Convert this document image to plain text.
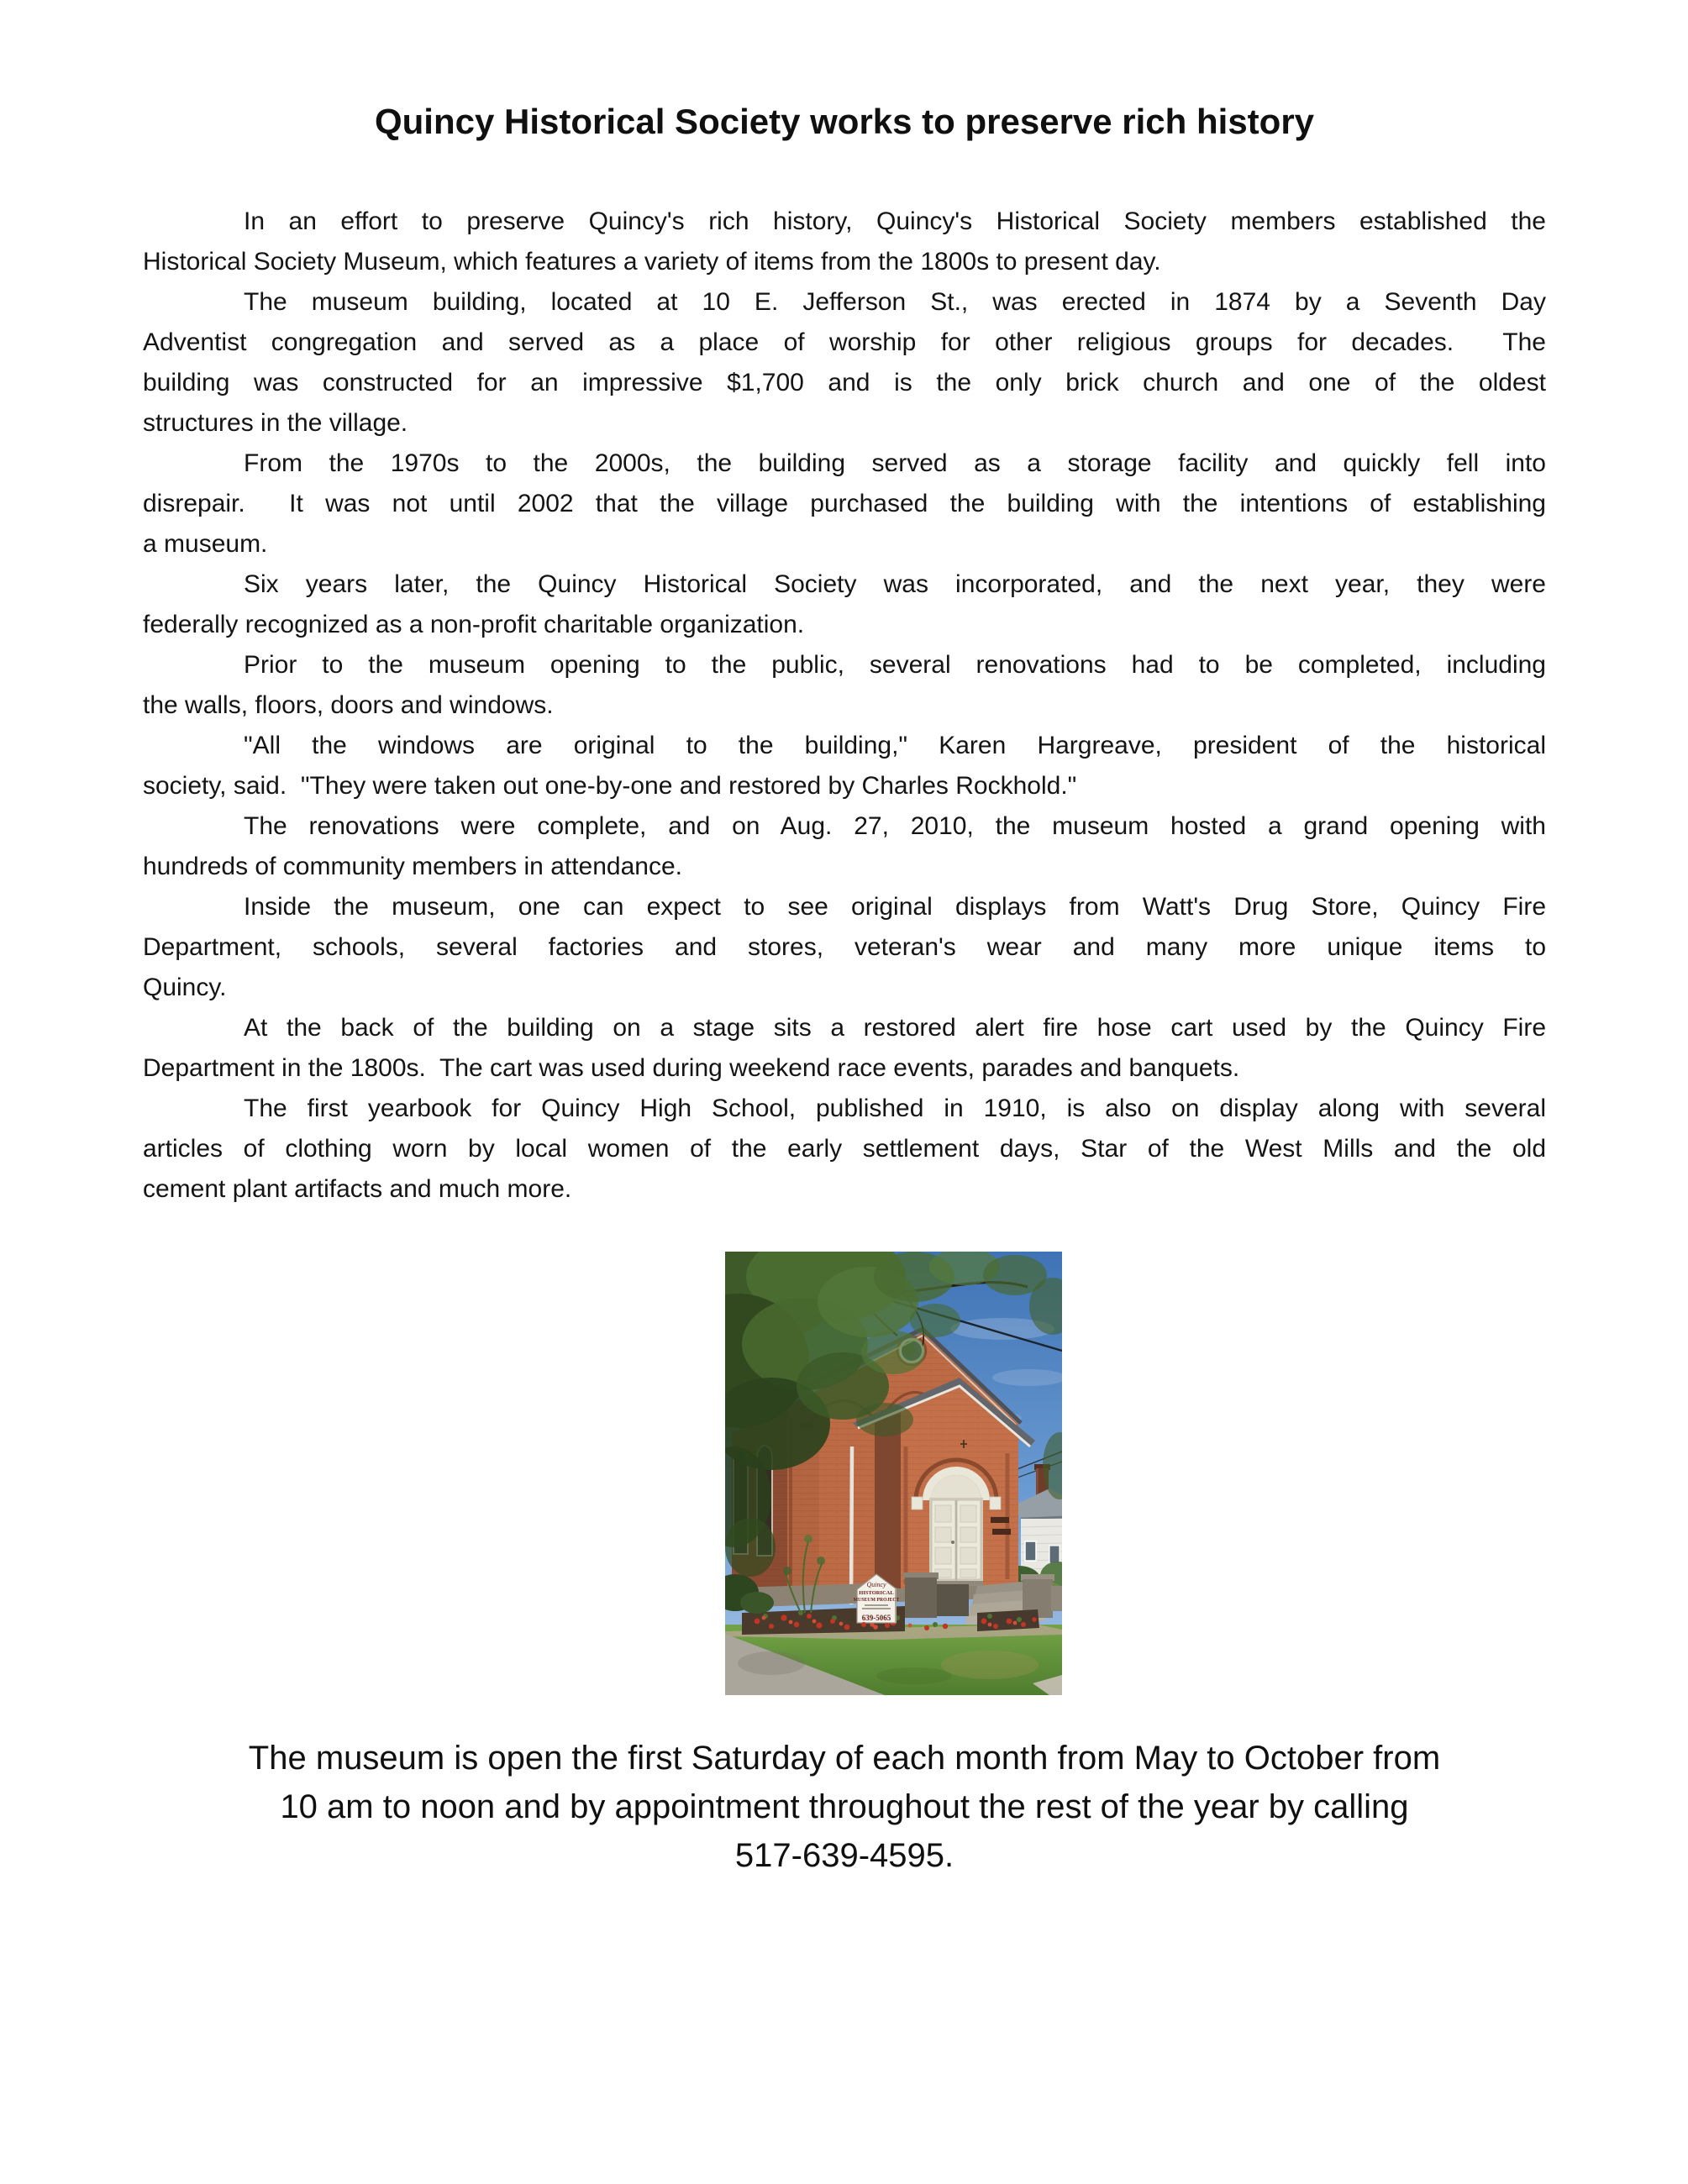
Quincy Historical Society works to preserve rich history
In an effort to preserve Quincy's rich history, Quincy's Historical Society members established the
Historical Society Museum, which features a variety of items from the 1800s to present day.
The museum building, located at 10 E. Jefferson St., was erected in 1874 by a Seventh Day
Adventist congregation and served as a place of worship for other religious groups for decades.  The
building was constructed for an impressive $1,700 and is the only brick church and one of the oldest
structures in the village.
From the 1970s to the 2000s, the building served as a storage facility and quickly fell into
disrepair.  It was not until 2002 that the village purchased the building with the intentions of establishing
a museum.
Six years later, the Quincy Historical Society was incorporated, and the next year, they were
federally recognized as a non-profit charitable organization.
Prior to the museum opening to the public, several renovations had to be completed, including
the walls, floors, doors and windows.
"All the windows are original to the building," Karen Hargreave, president of the historical
society, said.  "They were taken out one-by-one and restored by Charles Rockhold."
The renovations were complete, and on Aug. 27, 2010, the museum hosted a grand opening with
hundreds of community members in attendance.
Inside the museum, one can expect to see original displays from Watt's Drug Store, Quincy Fire
Department, schools, several factories and stores, veteran's wear and many more unique items to
Quincy.
At the back of the building on a stage sits a restored alert fire hose cart used by the Quincy Fire
Department in the 1800s.  The cart was used during weekend race events, parades and banquets.
The first yearbook for Quincy High School, published in 1910, is also on display along with several
articles of clothing worn by local women of the early settlement days, Star of the West Mills and the old
cement plant artifacts and much more.
The museum is open the first Saturday of each month from May to October from
10 am to noon and by appointment throughout the rest of the year by calling
517-639-4595.
Quincy
HISTORICAL
MUSEUM PROJECT
639-5065
